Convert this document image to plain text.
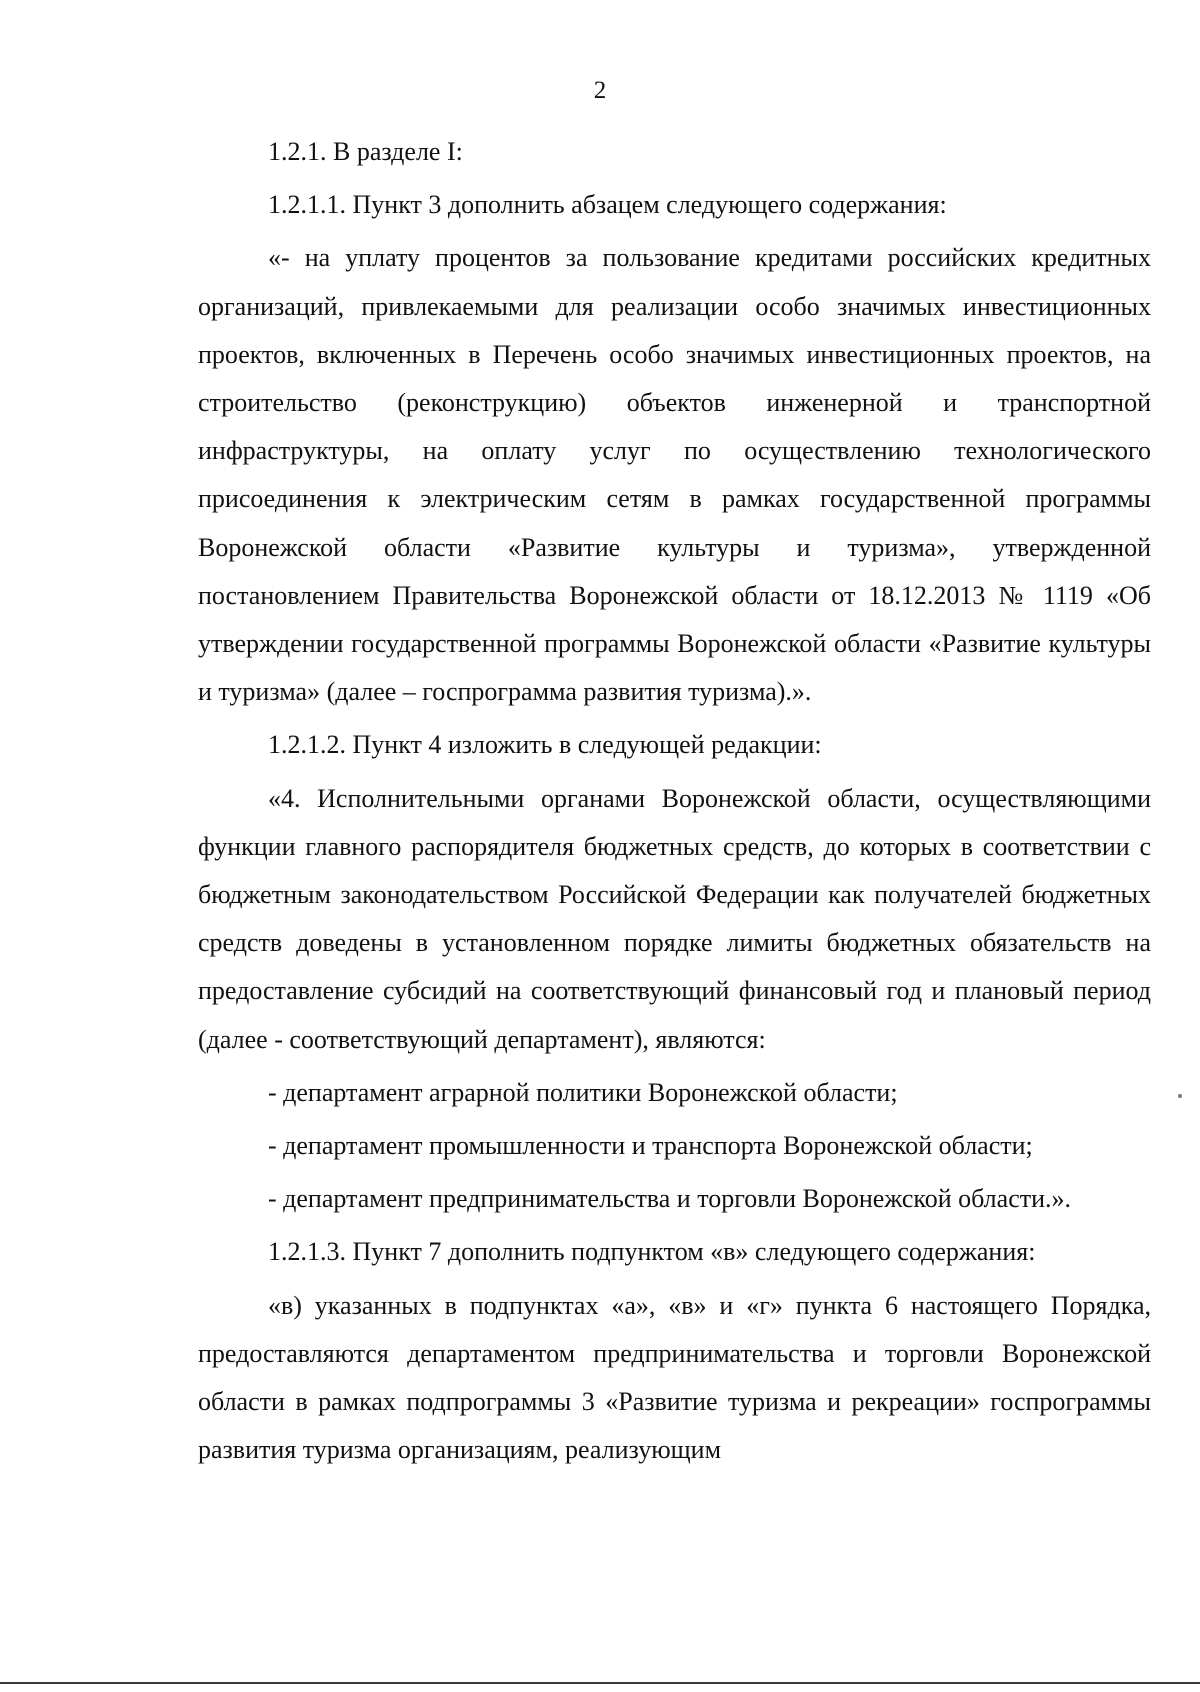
2

1.2.1. В разделе I:

1.2.1.1. Пункт 3 дополнить абзацем следующего содержания:

«- на уплату процентов за пользование кредитами российских кредитных организаций, привлекаемыми для реализации особо значимых инвестиционных проектов, включенных в Перечень особо значимых инвестиционных проектов, на строительство (реконструкцию) объектов инженерной и транспортной инфраструктуры, на оплату услуг по осуществлению технологического присоединения к электрическим сетям в рамках государственной программы Воронежской области «Развитие культуры и туризма», утвержденной постановлением Правительства Воронежской области от 18.12.2013 № 1119 «Об утверждении государственной программы Воронежской области «Развитие культуры и туризма» (далее – госпрограмма развития туризма).».

1.2.1.2. Пункт 4 изложить в следующей редакции:

«4. Исполнительными органами Воронежской области, осуществляющими функции главного распорядителя бюджетных средств, до которых в соответствии с бюджетным законодательством Российской Федерации как получателей бюджетных средств доведены в установленном порядке лимиты бюджетных обязательств на предоставление субсидий на соответствующий финансовый год и плановый период (далее - соответствующий департамент), являются:

- департамент аграрной политики Воронежской области;

- департамент промышленности и транспорта Воронежской области;

- департамент предпринимательства и торговли Воронежской области.».

1.2.1.3. Пункт 7 дополнить подпунктом «в» следующего содержания:

«в) указанных в подпунктах «а», «в» и «г» пункта 6 настоящего Порядка, предоставляются департаментом предпринимательства и торговли Воронежской области в рамках подпрограммы 3 «Развитие туризма и рекреации» госпрограммы развития туризма организациям, реализующим
